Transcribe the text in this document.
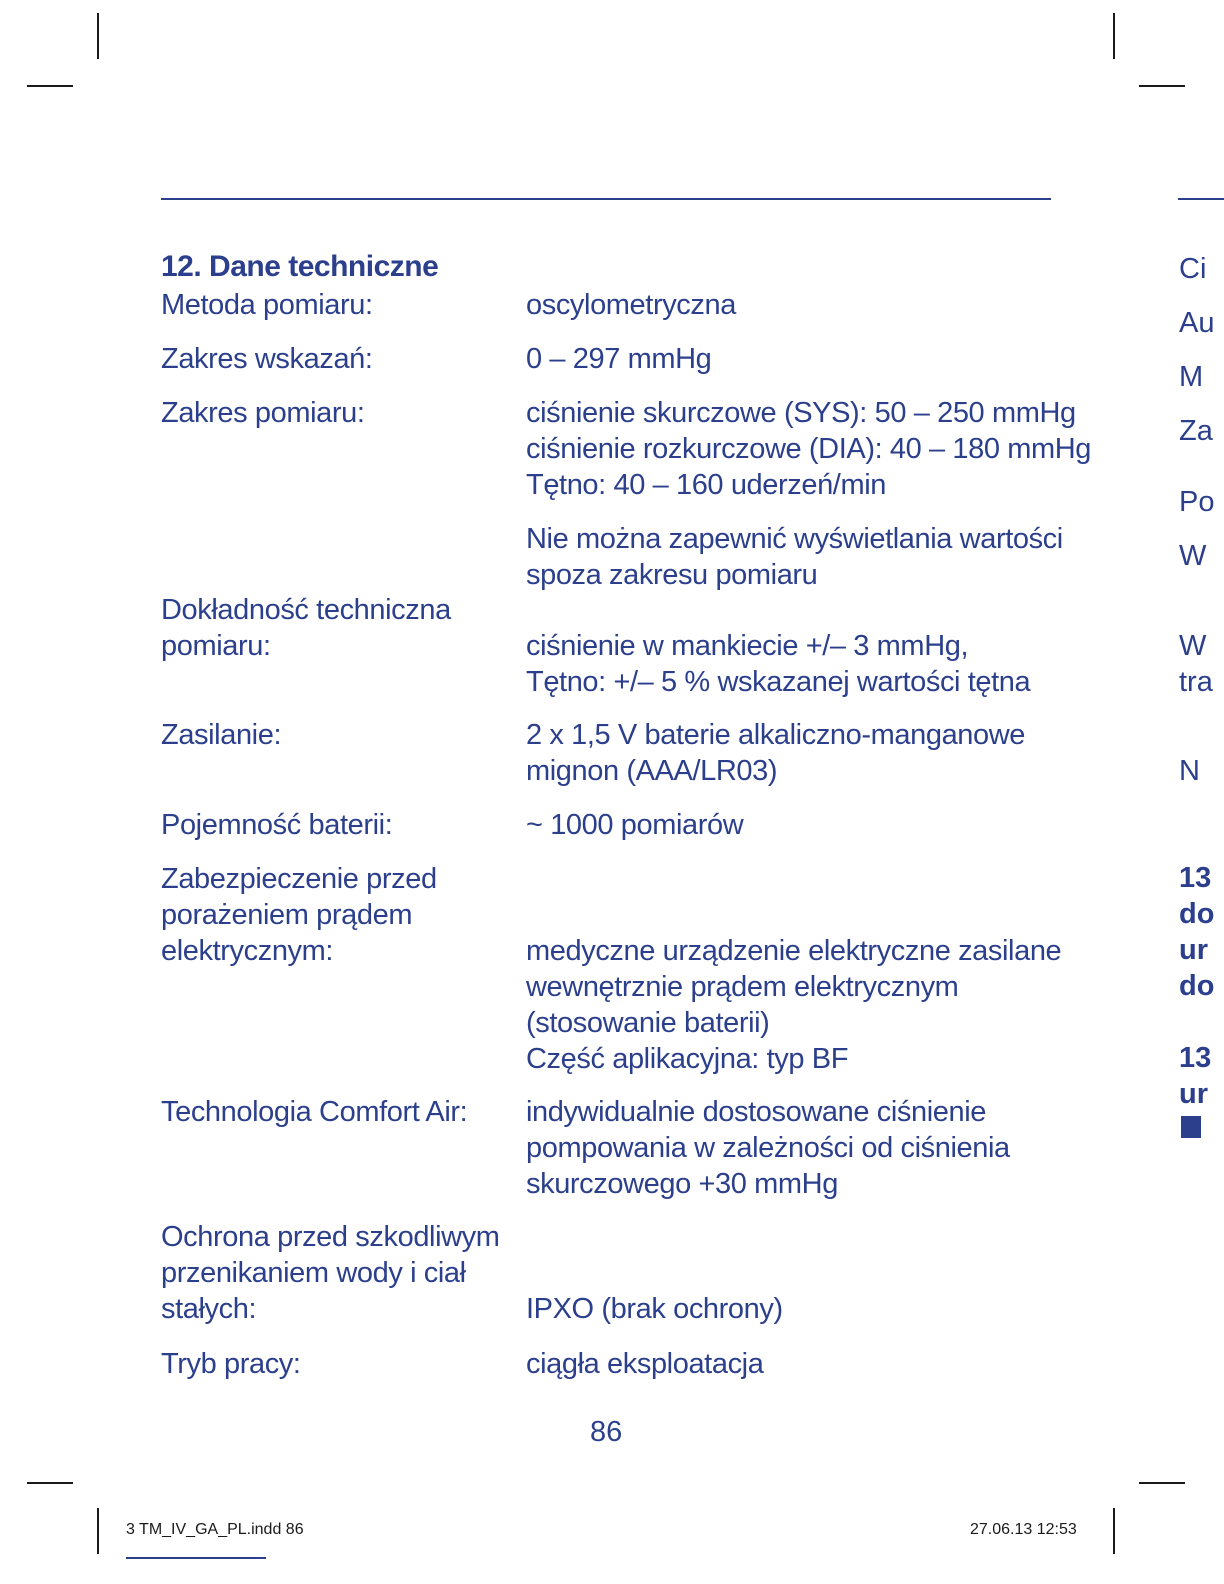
12. Dane techniczne
Metoda pomiaru:	oscylometryczna
Zakres wskazań:	0 – 297 mmHg
Zakres pomiaru:	ciśnienie skurczowe (SYS): 50 – 250 mmHg
ciśnienie rozkurczowe (DIA): 40 – 180 mmHg
Tętno: 40 – 160 uderzeń/min
Nie można zapewnić wyświetlania wartości
spoza zakresu pomiaru
Dokładność techniczna
pomiaru:	ciśnienie w mankiecie +/– 3 mmHg,
Tętno: +/– 5 % wskazanej wartości tętna
Zasilanie:	2 x 1,5 V baterie alkaliczno-manganowe
mignon (AAA/LR03)
Pojemność baterii:	~ 1000 pomiarów
Zabezpieczenie przed
porażeniem prądem
elektrycznym:	medyczne urządzenie elektryczne zasilane
wewnętrznie prądem elektrycznym
(stosowanie baterii)
Część aplikacyjna: typ BF
Technologia Comfort Air: indywidualnie dostosowane ciśnienie
pompowania w zależności od ciśnienia
skurczowego +30 mmHg
Ochrona przed szkodliwym
przenikaniem wody i ciał
stałych:	IPXO (brak ochrony)
Tryb pracy:	ciągła eksploatacja
Ci
Au
M
Za
Po
W
W
tra
N
13
do
ur
do
13
ur
86
3 TM_IV_GA_PL.indd 86	27.06.13 12:53
